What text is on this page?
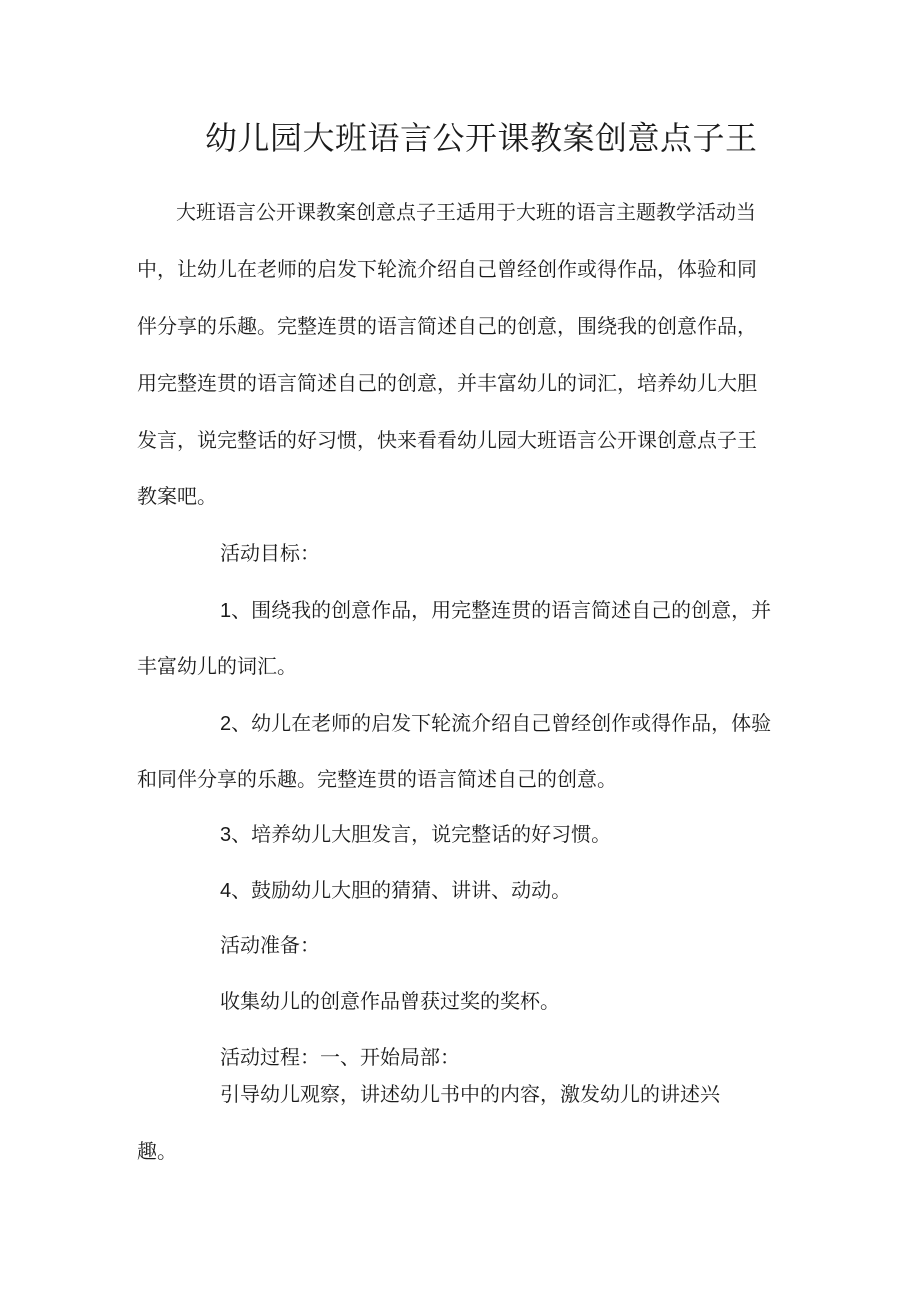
幼儿园大班语言公开课教案创意点子王
大班语言公开课教案创意点子王适用于大班的语言主题教学活动当
中，让幼儿在老师的启发下轮流介绍自己曾经创作或得作品，体验和同
伴分享的乐趣。完整连贯的语言简述自己的创意，围绕我的创意作品，
用完整连贯的语言简述自己的创意，并丰富幼儿的词汇，培养幼儿大胆
发言，说完整话的好习惯，快来看看幼儿园大班语言公开课创意点子王
教案吧。
活动目标：
1、围绕我的创意作品，用完整连贯的语言简述自己的创意，并
丰富幼儿的词汇。
2、幼儿在老师的启发下轮流介绍自己曾经创作或得作品，体验
和同伴分享的乐趣。完整连贯的语言简述自己的创意。
3、培养幼儿大胆发言，说完整话的好习惯。
4、鼓励幼儿大胆的猜猜、讲讲、动动。
活动准备：
收集幼儿的创意作品曾获过奖的奖杯。
活动过程：一、开始局部：
引导幼儿观察，讲述幼儿书中的内容，激发幼儿的讲述兴
趣。
